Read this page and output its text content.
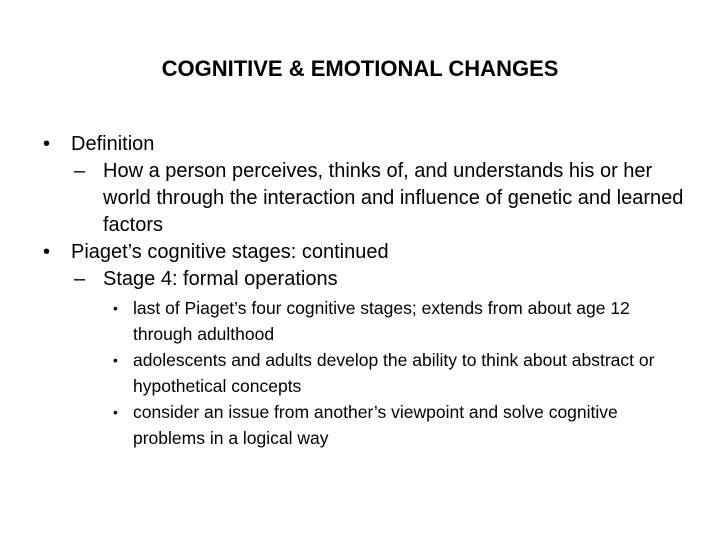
COGNITIVE & EMOTIONAL CHANGES
• Definition
– How a person perceives, thinks of, and understands his or her world through the interaction and influence of genetic and learned factors
• Piaget’s cognitive stages: continued
– Stage 4: formal operations
• last of Piaget’s four cognitive stages; extends from about age 12 through adulthood
• adolescents and adults develop the ability to think about abstract or hypothetical concepts
• consider an issue from another’s viewpoint and solve cognitive problems in a logical way
